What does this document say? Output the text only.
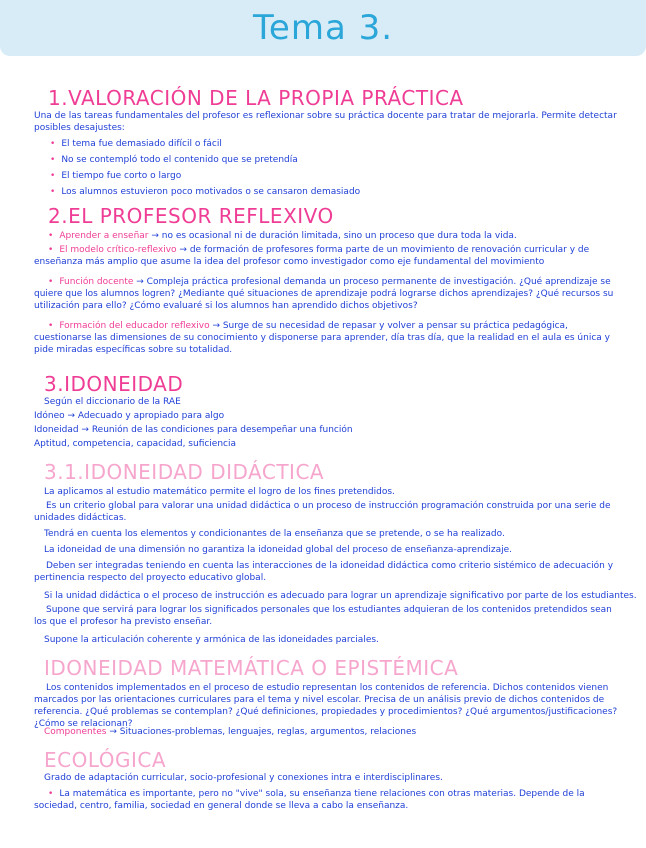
Tema 3.
1.VALORACIÓN DE LA PROPIA PRÁCTICA
Una de las tareas fundamentales del profesor es reflexionar sobre su práctica docente para tratar de mejorarla. Permite detectar posibles desajustes:
• El tema fue demasiado difícil o fácil
• No se contempló todo el contenido que se pretendía
• El tiempo fue corto o largo
• Los alumnos estuvieron poco motivados o se cansaron demasiado
2.EL PROFESOR REFLEXIVO
• Aprender a enseñar → no es ocasional ni de duración limitada, sino un proceso que dura toda la vida.
• El modelo crítico-reflexivo → de formación de profesores forma parte de un movimiento de renovación curricular y de enseñanza más amplio que asume la idea del profesor como investigador como eje fundamental del movimiento
• Función docente → Compleja práctica profesional demanda un proceso permanente de investigación. ¿Qué aprendizaje se quiere que los alumnos logren? ¿Mediante qué situaciones de aprendizaje podrá lograrse dichos aprendizajes? ¿Qué recursos su utilización para ello? ¿Cómo evaluaré si los alumnos han aprendido dichos objetivos?
• Formación del educador reflexivo → Surge de su necesidad de repasar y volver a pensar su práctica pedagógica, cuestionarse las dimensiones de su conocimiento y disponerse para aprender, día tras día, que la realidad en el aula es única y pide miradas específicas sobre su totalidad.
3.IDONEIDAD
Según el diccionario de la RAE
Idóneo → Adecuado y apropiado para algo
Idoneidad → Reunión de las condiciones para desempeñar una función
Aptitud, competencia, capacidad, suficiencia
3.1.IDONEIDAD DIDÁCTICA
La aplicamos al estudio matemático permite el logro de los fines pretendidos.
Es un criterio global para valorar una unidad didáctica o un proceso de instrucción programación construida por una serie de unidades didácticas.
Tendrá en cuenta los elementos y condicionantes de la enseñanza que se pretende, o se ha realizado.
La idoneidad de una dimensión no garantiza la idoneidad global del proceso de enseñanza-aprendizaje.
Deben ser integradas teniendo en cuenta las interacciones de la idoneidad didáctica como criterio sistémico de adecuación y pertinencia respecto del proyecto educativo global.
Si la unidad didáctica o el proceso de instrucción es adecuado para lograr un aprendizaje significativo por parte de los estudiantes.
Supone que servirá para lograr los significados personales que los estudiantes adquieran de los contenidos pretendidos sean los que el profesor ha previsto enseñar.
Supone la articulación coherente y armónica de las idoneidades parciales.
IDONEIDAD MATEMÁTICA O EPISTÉMICA
Los contenidos implementados en el proceso de estudio representan los contenidos de referencia. Dichos contenidos vienen marcados por las orientaciones curriculares para el tema y nivel escolar. Precisa de un análisis previo de dichos contenidos de referencia. ¿Qué problemas se contemplan? ¿Qué definiciones, propiedades y procedimientos? ¿Qué argumentos/justificaciones? ¿Cómo se relacionan?
Componentes → Situaciones-problemas, lenguajes, reglas, argumentos, relaciones
ECOLÓGICA
Grado de adaptación curricular, socio-profesional y conexiones intra e interdisciplinares.
• La matemática es importante, pero no "vive" sola, su enseñanza tiene relaciones con otras materias. Depende de la sociedad, centro, familia, sociedad en general donde se lleva a cabo la enseñanza.
